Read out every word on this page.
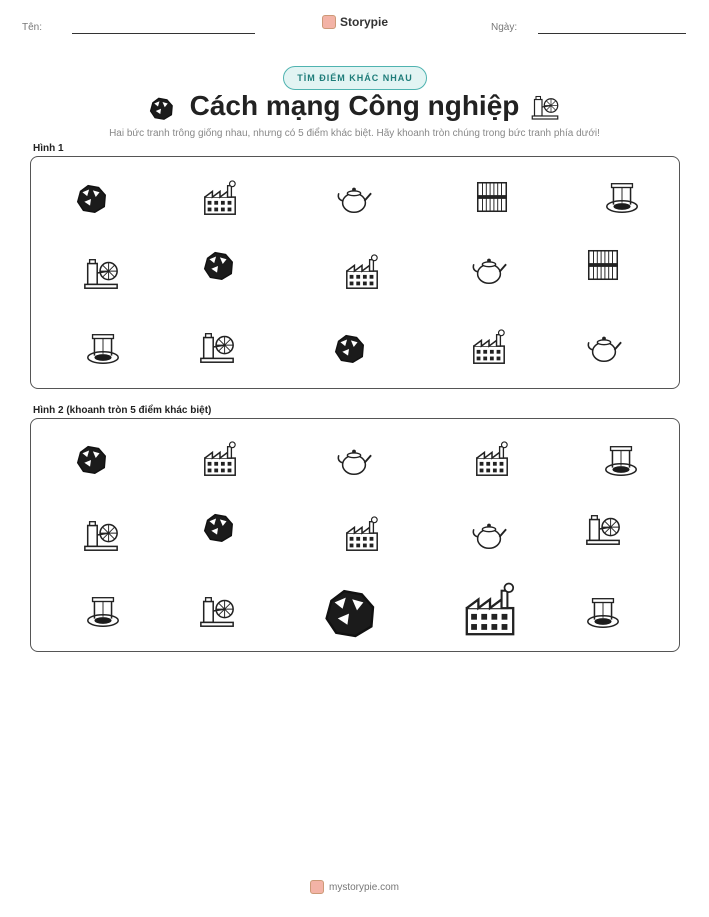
Tên:	Storypie	Ngày:
TÌM ĐIỂM KHÁC NHAU
Cách mạng Công nghiệp
Hai bức tranh trông giống nhau, nhưng có 5 điểm khác biệt. Hãy khoanh tròn chúng trong bức tranh phía dưới!
Hình 1
Hình 2 (khoanh tròn 5 điểm khác biệt)
mystorypie.com
